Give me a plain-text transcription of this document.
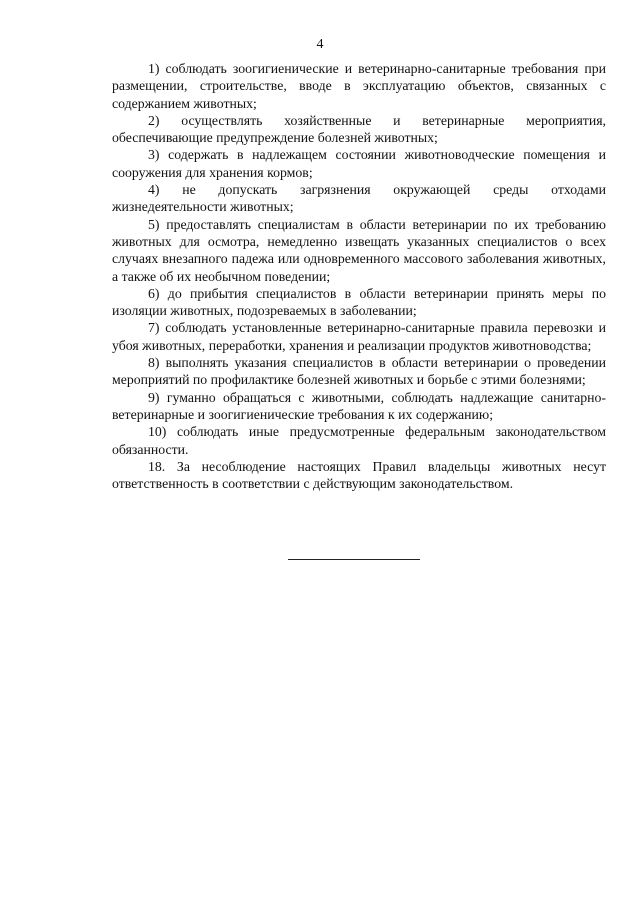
4

1) соблюдать зоогигиенические и ветеринарно-санитарные требования при размещении, строительстве, вводе в эксплуатацию объектов, связанных с содержанием животных;

2) осуществлять хозяйственные и ветеринарные мероприятия, обеспечивающие предупреждение болезней животных;

3) содержать в надлежащем состоянии животноводческие помещения и сооружения для хранения кормов;

4) не допускать загрязнения окружающей среды отходами жизнедеятельности животных;

5) предоставлять специалистам в области ветеринарии по их требованию животных для осмотра, немедленно извещать указанных специалистов о всех случаях внезапного падежа или одновременного массового заболевания животных, а также об их необычном поведении;

6) до прибытия специалистов в области ветеринарии принять меры по изоляции животных, подозреваемых в заболевании;

7) соблюдать установленные ветеринарно-санитарные правила перевозки и убоя животных, переработки, хранения и реализации продуктов животноводства;

8) выполнять указания специалистов в области ветеринарии о проведении мероприятий по профилактике болезней животных и борьбе с этими болезнями;

9) гуманно обращаться с животными, соблюдать надлежащие санитарно-ветеринарные и зоогигиенические требования к их содержанию;

10) соблюдать иные предусмотренные федеральным законодательством обязанности.

18. За несоблюдение настоящих Правил владельцы животных несут ответственность в соответствии с действующим законодательством.
